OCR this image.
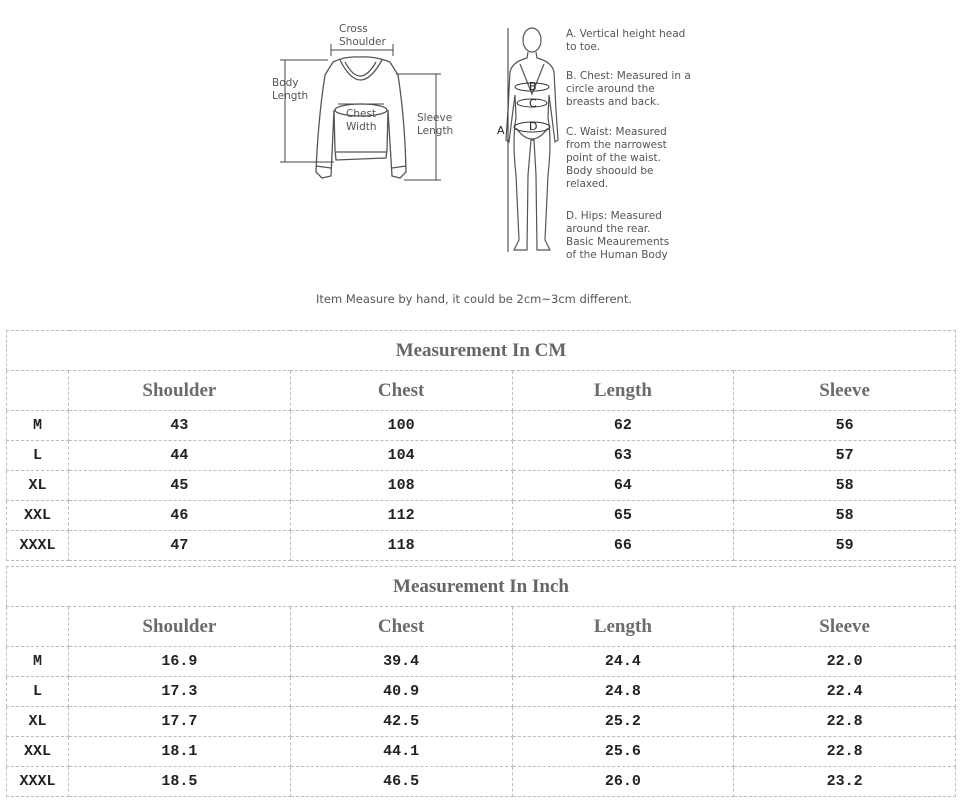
Cross
Shoulder
Body
Length
Chest
Width
Sleeve
Length	A
B
C
D
A. Vertical height head
to toe.
B. Chest: Measured in a
circle around the
breasts and back.
C. Waist: Measured
from the narrowest
point of the waist.
Body shoould be
relaxed.
D. Hips: Measured
around the rear.
Basic Meaurements
of the Human Body
Item Measure by hand, it could be 2cm~3cm different.
Measurement In CM				
	Shoulder	Chest	Length	Sleeve
M	43	100	62	56
L	44	104	63	57
XL	45	108	64	58
XXL	46	112	65	58
XXXL	47	118	66	59
Measurement In Inch				
	Shoulder	Chest	Length	Sleeve
M	16.9	39.4	24.4	22.0
L	17.3	40.9	24.8	22.4
XL	17.7	42.5	25.2	22.8
XXL	18.1	44.1	25.6	22.8
XXXL	18.5	46.5	26.0	23.2
